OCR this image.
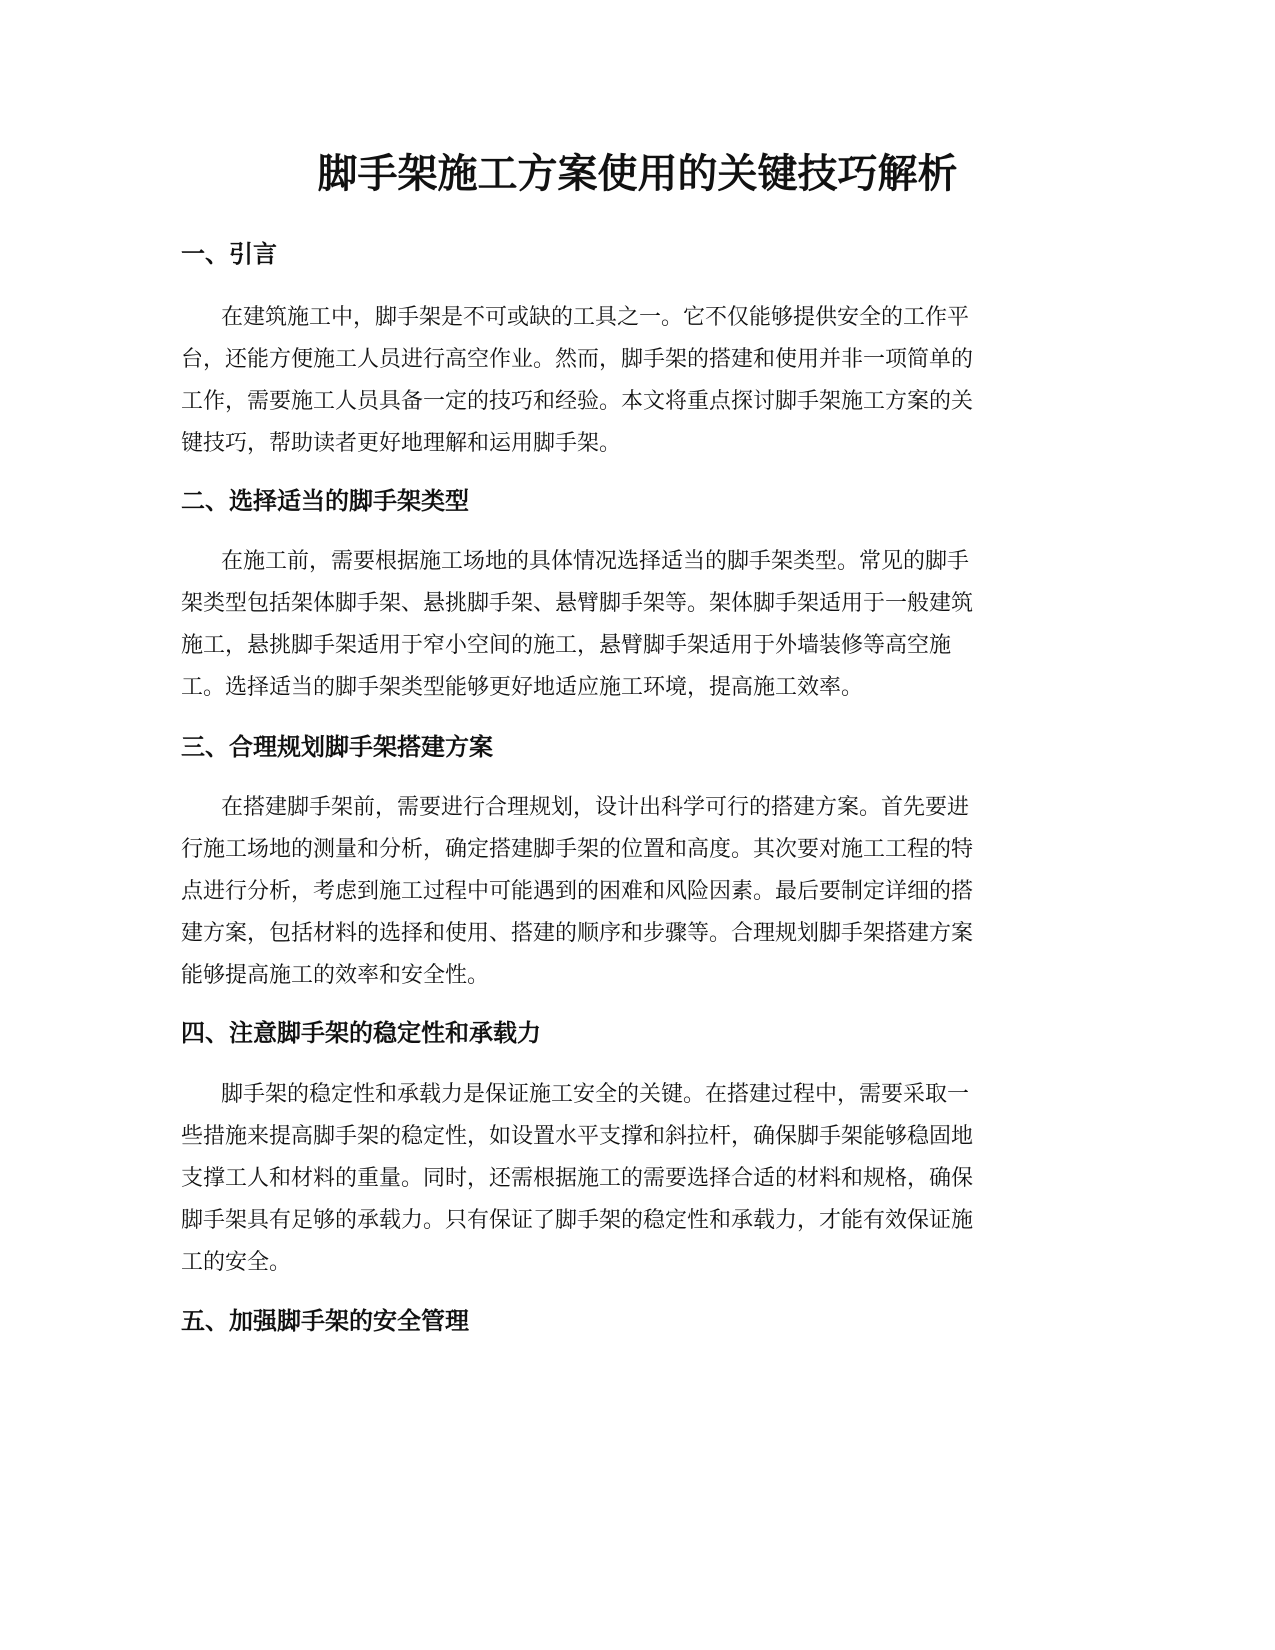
脚手架施工方案使用的关键技巧解析
一、引言
在建筑施工中，脚手架是不可或缺的工具之一。它不仅能够提供安全的工作平
台，还能方便施工人员进行高空作业。然而，脚手架的搭建和使用并非一项简单的
工作，需要施工人员具备一定的技巧和经验。本文将重点探讨脚手架施工方案的关
键技巧，帮助读者更好地理解和运用脚手架。
二、选择适当的脚手架类型
在施工前，需要根据施工场地的具体情况选择适当的脚手架类型。常见的脚手
架类型包括架体脚手架、悬挑脚手架、悬臂脚手架等。架体脚手架适用于一般建筑
施工，悬挑脚手架适用于窄小空间的施工，悬臂脚手架适用于外墙装修等高空施
工。选择适当的脚手架类型能够更好地适应施工环境，提高施工效率。
三、合理规划脚手架搭建方案
在搭建脚手架前，需要进行合理规划，设计出科学可行的搭建方案。首先要进
行施工场地的测量和分析，确定搭建脚手架的位置和高度。其次要对施工工程的特
点进行分析，考虑到施工过程中可能遇到的困难和风险因素。最后要制定详细的搭
建方案，包括材料的选择和使用、搭建的顺序和步骤等。合理规划脚手架搭建方案
能够提高施工的效率和安全性。
四、注意脚手架的稳定性和承载力
脚手架的稳定性和承载力是保证施工安全的关键。在搭建过程中，需要采取一
些措施来提高脚手架的稳定性，如设置水平支撑和斜拉杆，确保脚手架能够稳固地
支撑工人和材料的重量。同时，还需根据施工的需要选择合适的材料和规格，确保
脚手架具有足够的承载力。只有保证了脚手架的稳定性和承载力，才能有效保证施
工的安全。
五、加强脚手架的安全管理
